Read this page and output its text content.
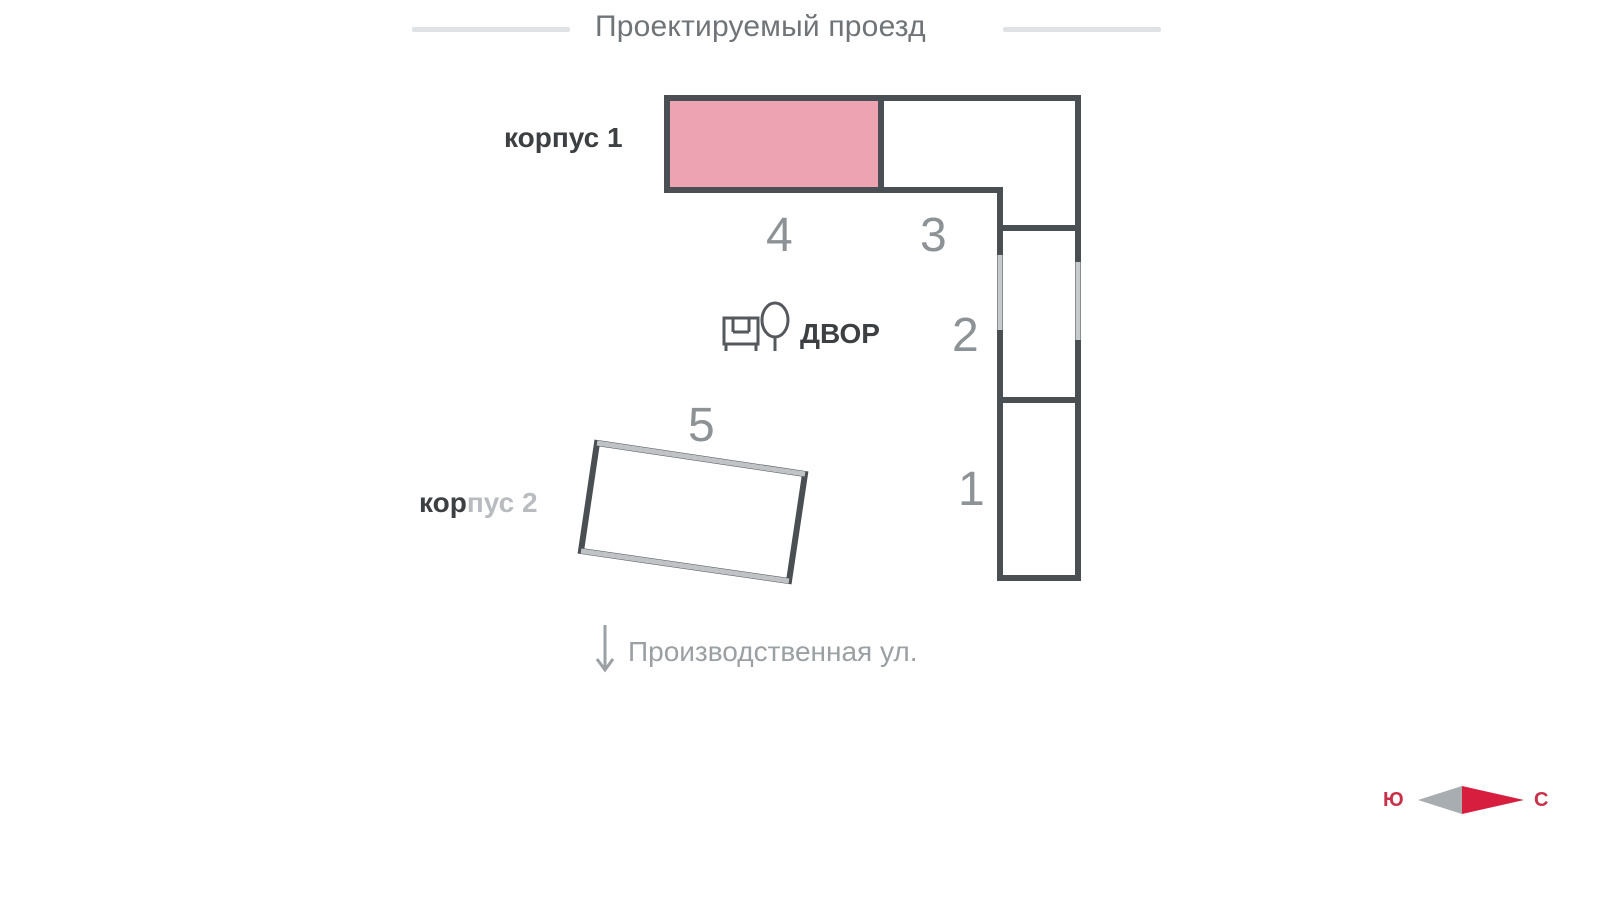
Проектируемый проезд
корпус 1
корпус 2
4	3
2
1
5
ДВОР
Производственная ул.
Ю	С
